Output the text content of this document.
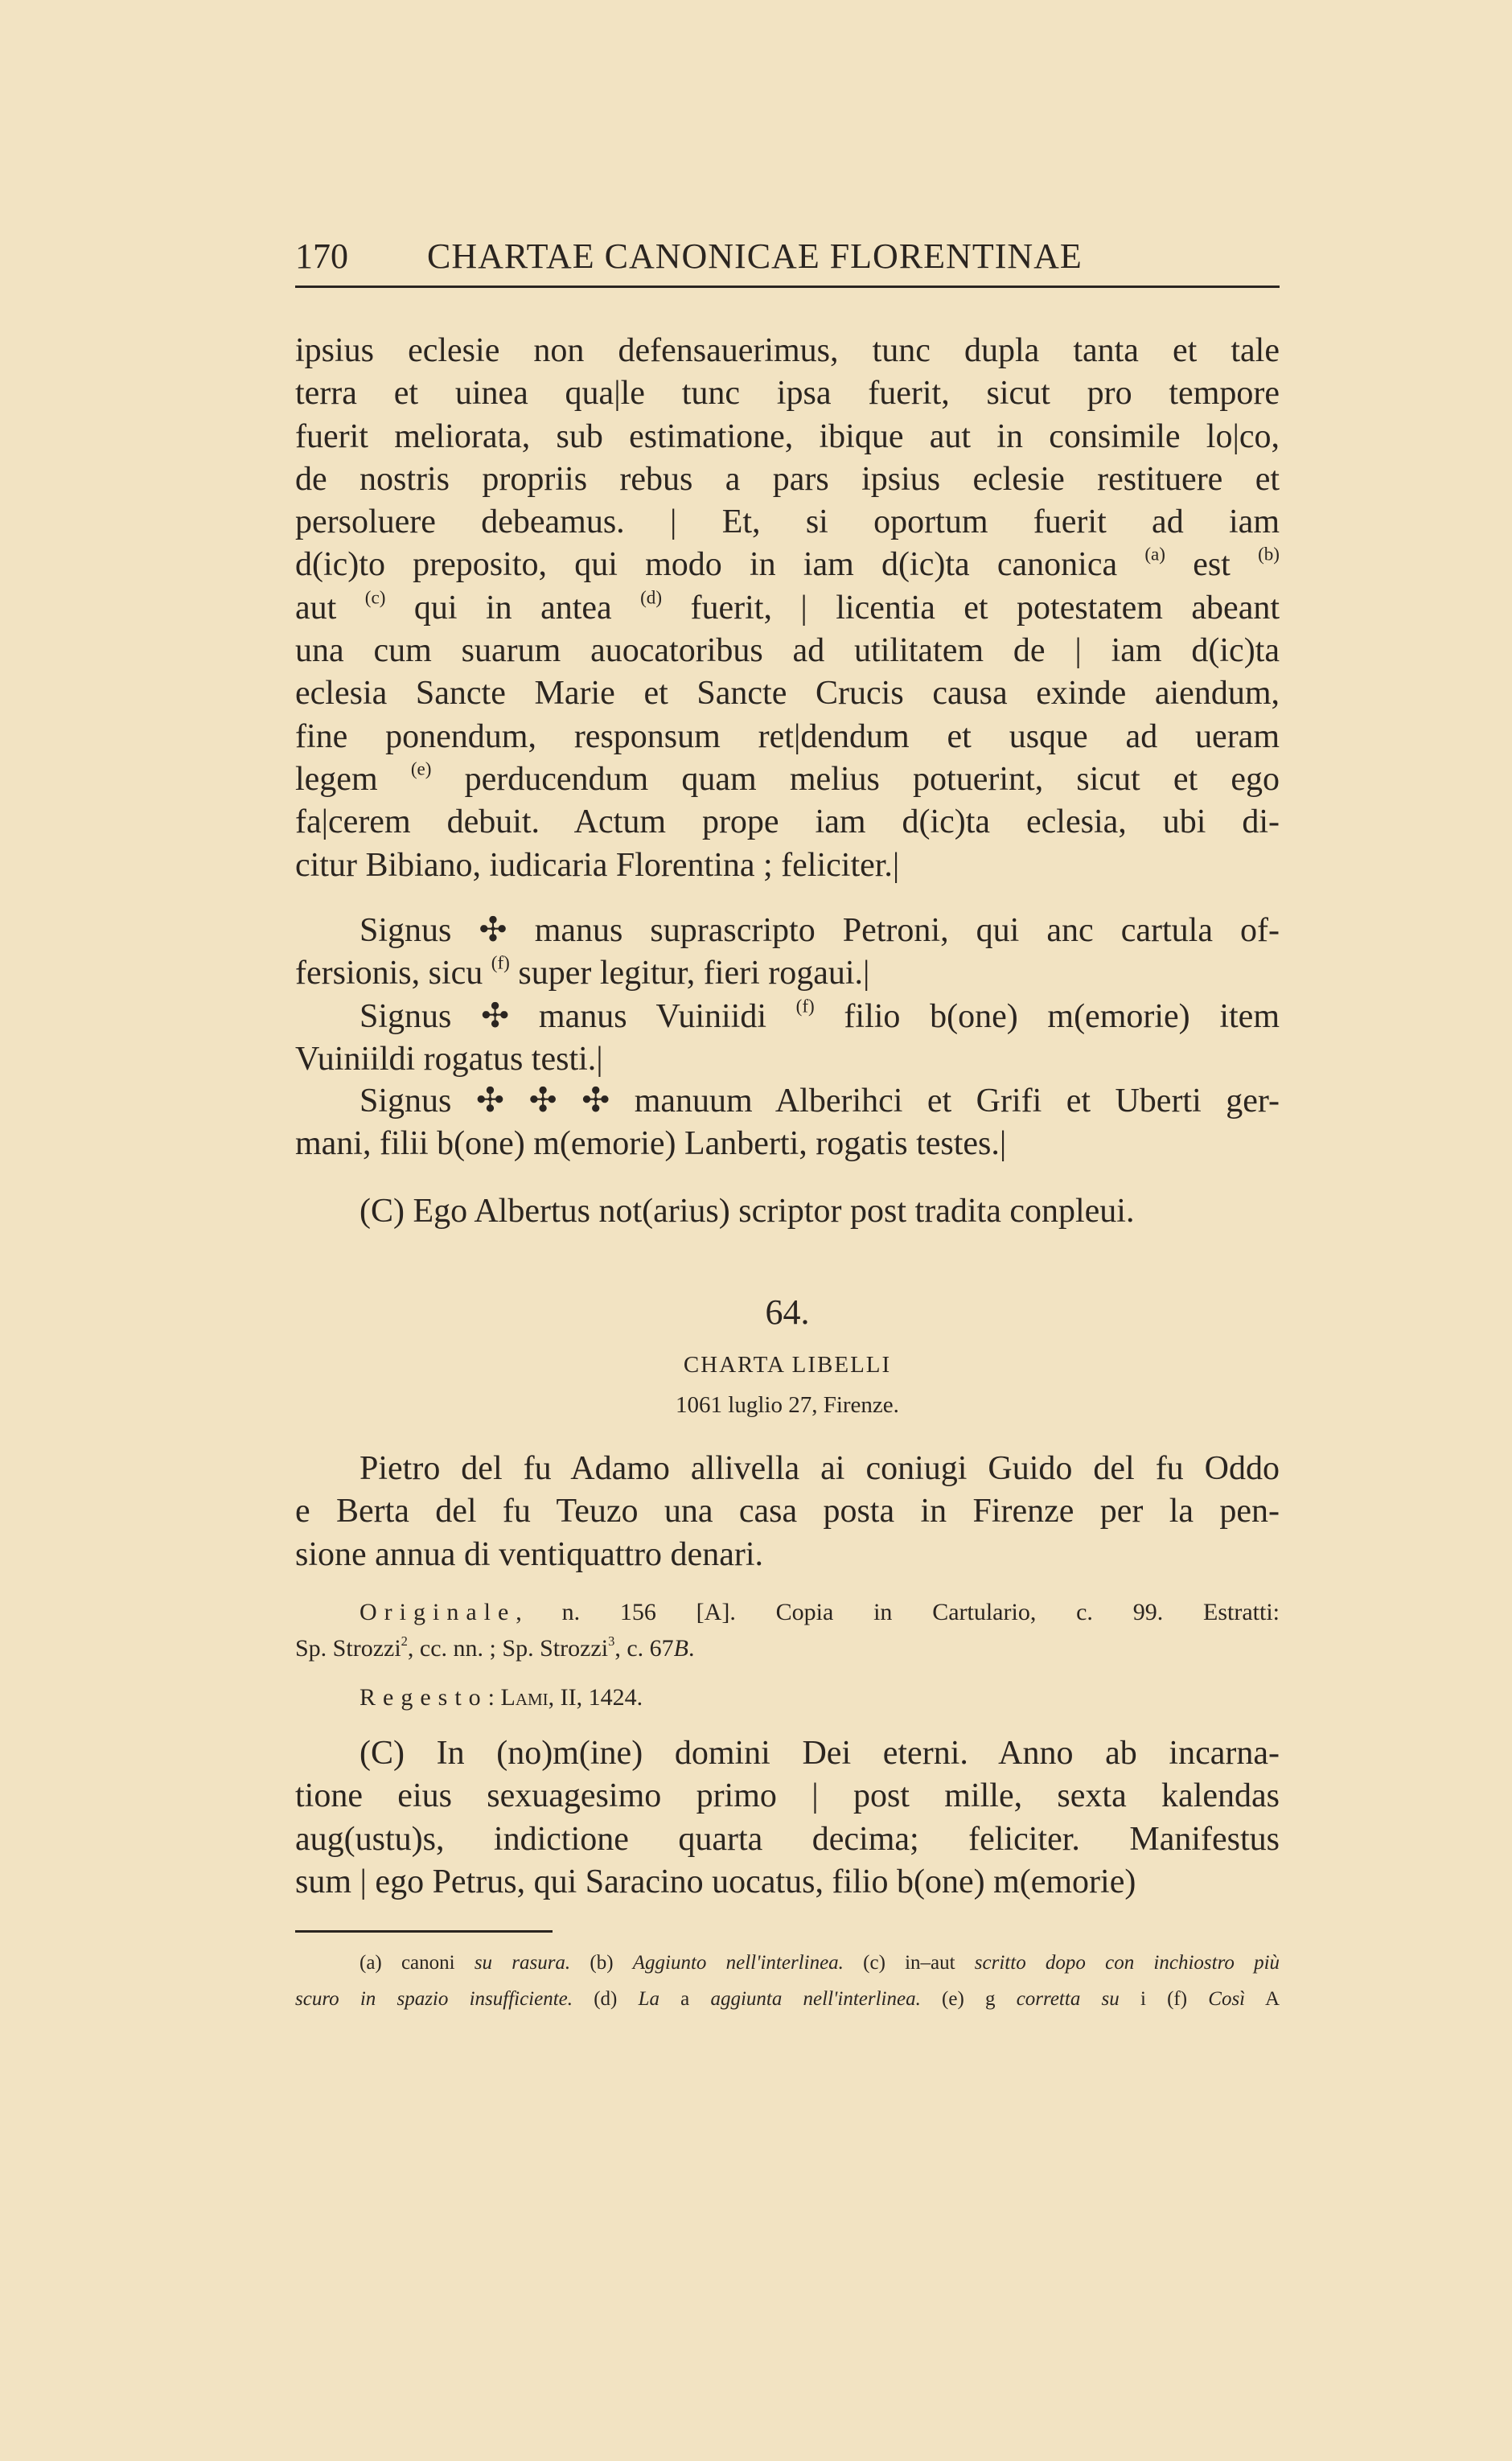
170 CHARTAE CANONICAE FLORENTINAE
64.
CHARTA LIBELLI
1061 luglio 27, Firenze.
ipsius eclesie non defensauerimus, tunc dupla tanta et tale
terra et uinea qua|le tunc ipsa fuerit, sicut pro tempore
fuerit meliorata, sub estimatione, ibique aut in consimile lo|co,
de nostris propriis rebus a pars ipsius eclesie restituere et
persoluere debeamus. | Et, si oportum fuerit ad iam
d(ic)to preposito, qui modo in iam d(ic)ta canonica $^{(a)}$ est $^{(b)}$
aut $^{(c)}$ qui in antea $^{(d)}$ fuerit, | licentia et potestatem abeant
una cum suarum auocatoribus ad utilitatem de | iam d(ic)ta
eclesia Sancte Marie et Sancte Crucis causa exinde aiendum,
fine ponendum, responsum ret|dendum et usque ad ueram
legem $^{(e)}$ perducendum quam melius potuerint, sicut et ego
fa|cerem debuit. Actum prope iam d(ic)ta eclesia, ubi di-
citur Bibiano, iudicaria Florentina ; feliciter.|
Signus ✣ manus suprascripto Petroni, qui anc cartula of-
fersionis, sicu $^{(f)}$ super legitur, fieri rogaui.|
Signus ✣ manus Vuiniidi $^{(f)}$ filio b(one) m(emorie) item
Vuiniildi rogatus testi.|
Signus ✣ ✣ ✣ manuum Alberihci et Grifi et Uberti ger-
mani, filii b(one) m(emorie) Lanberti, rogatis testes.|
(C) Ego Albertus not(arius) scriptor post tradita conpleui.
Pietro del fu Adamo allivella ai coniugi Guido del fu Oddo
e Berta del fu Teuzo una casa posta in Firenze per la pen-
sione annua di ventiquattro denari.
Originale, n. 156 [A]. Copia in Cartulario, c. 99. Estratti:
Sp. Strozzi$^2$, cc. nn. ; Sp. Strozzi$^3$, c. 67B.
Regesto: Lami, II, 1424.
(C) In (no)m(ine) domini Dei eterni. Anno ab incarna-
tione eius sexuagesimo primo | post mille, sexta kalendas
aug(ustu)s, indictione quarta decima; feliciter. Manifestus
sum | ego Petrus, qui Saracino uocatus, filio b(one) m(emorie)
(a) canoni su rasura. (b) Aggiunto nell'interlinea. (c) in–aut scritto dopo con inchiostro più
scuro in spazio insufficiente. (d) La a aggiunta nell'interlinea. (e) g corretta su i (f) Così A
